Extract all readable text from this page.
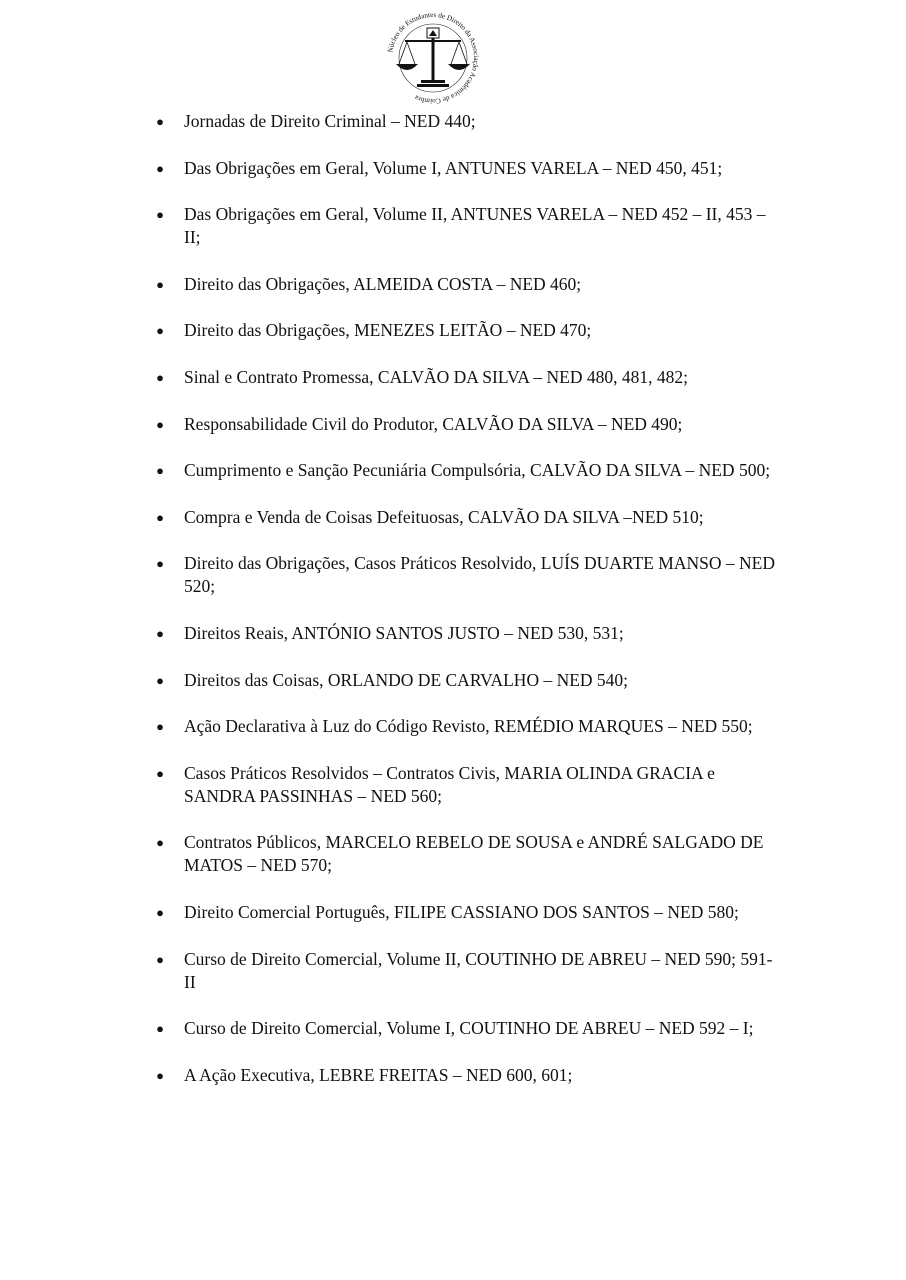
Núcleo de Estudantes de Direito da Associação Académica de Coimbra
● Jornadas de Direito Criminal – NED 440;
● Das Obrigações em Geral, Volume I, ANTUNES VARELA – NED 450, 451;
● Das Obrigações em Geral, Volume II, ANTUNES VARELA – NED 452 – II, 453 – II;
● Direito das Obrigações, ALMEIDA COSTA – NED 460;
● Direito das Obrigações, MENEZES LEITÃO – NED 470;
● Sinal e Contrato Promessa, CALVÃO DA SILVA – NED 480, 481, 482;
● Responsabilidade Civil do Produtor, CALVÃO DA SILVA – NED 490;
● Cumprimento e Sanção Pecuniária Compulsória, CALVÃO DA SILVA – NED 500;
● Compra e Venda de Coisas Defeituosas, CALVÃO DA SILVA –NED 510;
● Direito das Obrigações, Casos Práticos Resolvido, LUÍS DUARTE MANSO – NED 520;
● Direitos Reais, ANTÓNIO SANTOS JUSTO – NED 530, 531;
● Direitos das Coisas, ORLANDO DE CARVALHO – NED 540;
● Ação Declarativa à Luz do Código Revisto, REMÉDIO MARQUES – NED 550;
● Casos Práticos Resolvidos – Contratos Civis, MARIA OLINDA GRACIA e SANDRA PASSINHAS – NED 560;
● Contratos Públicos, MARCELO REBELO DE SOUSA e ANDRÉ SALGADO DE MATOS – NED 570;
● Direito Comercial Português, FILIPE CASSIANO DOS SANTOS – NED 580;
● Curso de Direito Comercial, Volume II, COUTINHO DE ABREU – NED 590; 591-II
● Curso de Direito Comercial, Volume I, COUTINHO DE ABREU – NED 592 – I;
● A Ação Executiva, LEBRE FREITAS – NED 600, 601;
